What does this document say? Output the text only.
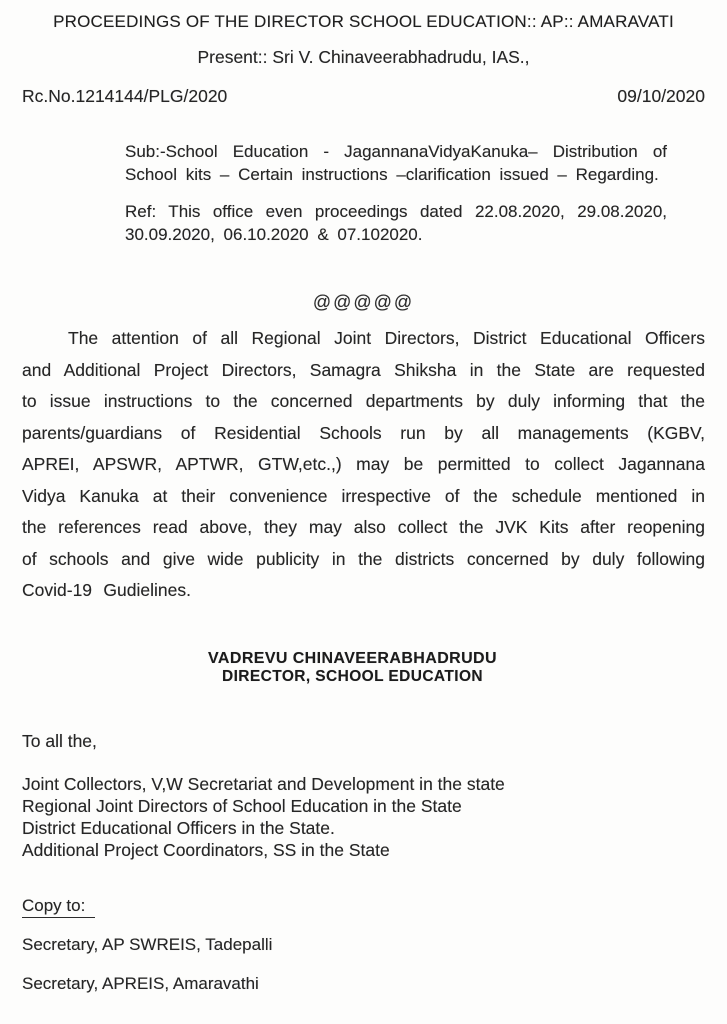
PROCEEDINGS OF THE DIRECTOR SCHOOL EDUCATION:: AP:: AMARAVATI
Present:: Sri V. Chinaveerabhadrudu, IAS.,
Rc.No.1214144/PLG/2020	09/10/2020

Sub:-School Education - JagannanaVidyaKanuka– Distribution of School kits – Certain instructions –clarification issued – Regarding.

Ref: This office even proceedings dated 22.08.2020, 29.08.2020, 30.09.2020, 06.10.2020 & 07.102020.

@@@@@

The attention of all Regional Joint Directors, District Educational Officers and Additional Project Directors, Samagra Shiksha in the State are requested to issue instructions to the concerned departments by duly informing that the parents/guardians of Residential Schools run by all managements (KGBV, APREI, APSWR, APTWR, GTW,etc.,) may be permitted to collect Jagannana Vidya Kanuka at their convenience irrespective of the schedule mentioned in the references read above, they may also collect the JVK Kits after reopening of schools and give wide publicity in the districts concerned by duly following Covid-19 Gudielines.

VADREVU CHINAVEERABHADRUDU
DIRECTOR, SCHOOL EDUCATION
To all the,
Joint Collectors, V,W Secretariat and Development in the state
Regional Joint Directors of School Education in the State
District Educational Officers in the State.
Additional Project Coordinators, SS in the State
Copy to:
Secretary, AP SWREIS, Tadepalli
Secretary, APREIS, Amaravathi
